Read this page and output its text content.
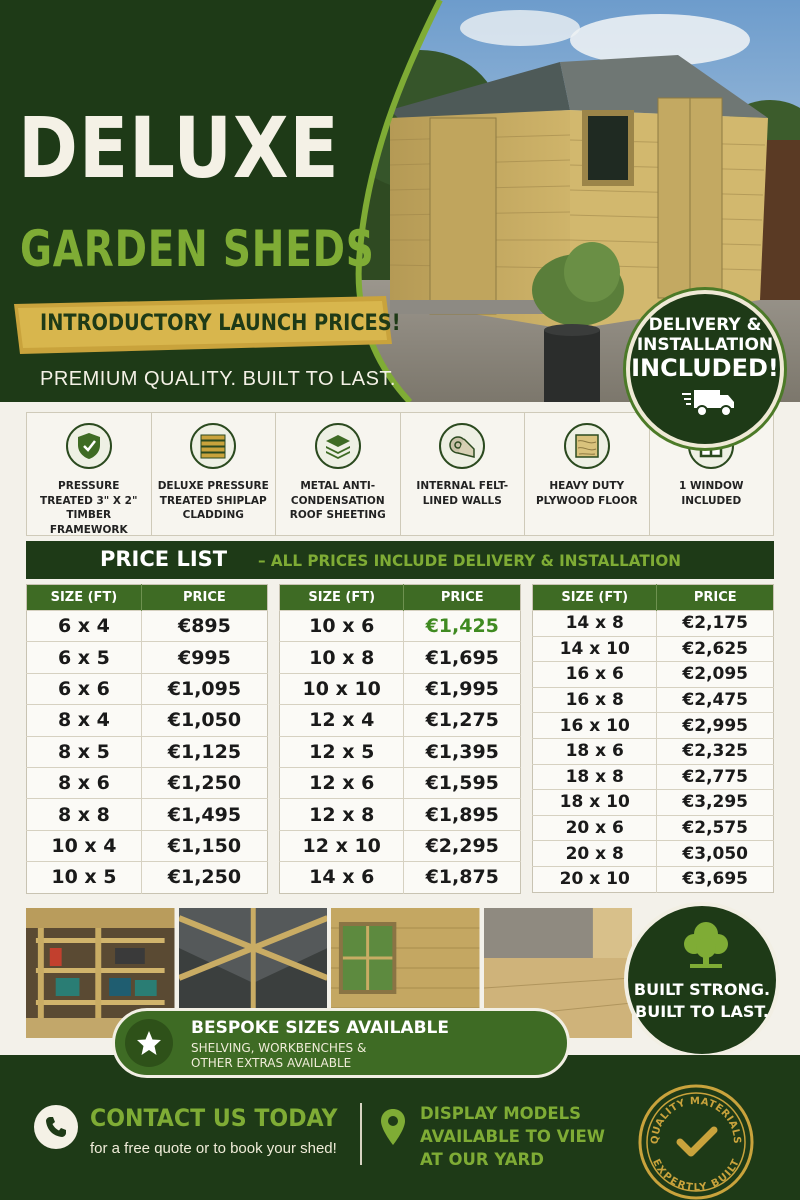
DELUXE
GARDEN SHEDS
INTRODUCTORY LAUNCH PRICES!
PREMIUM QUALITY. BUILT TO LAST.
DELIVERY &
INSTALLATION
INCLUDED!
PRESSURE TREATED 3" X 2" TIMBER FRAMEWORK
DELUXE PRESSURE TREATED SHIPLAP CLADDING
METAL ANTI-CONDENSATION ROOF SHEETING
INTERNAL FELT-LINED WALLS
HEAVY DUTY PLYWOOD FLOOR
1 WINDOW INCLUDED
PRICE LIST – ALL PRICES INCLUDE DELIVERY & INSTALLATION
SIZE (FT)	PRICE
6 x 4	€895
6 x 5	€995
6 x 6	€1,095
8 x 4	€1,050
8 x 5	€1,125
8 x 6	€1,250
8 x 8	€1,495
10 x 4	€1,150
10 x 5	€1,250
SIZE (FT)	PRICE
10 x 6	€1,425
10 x 8	€1,695
10 x 10	€1,995
12 x 4	€1,275
12 x 5	€1,395
12 x 6	€1,595
12 x 8	€1,895
12 x 10	€2,295
14 x 6	€1,875
SIZE (FT)	PRICE
14 x 8	€2,175
14 x 10	€2,625
16 x 6	€2,095
16 x 8	€2,475
16 x 10	€2,995
18 x 6	€2,325
18 x 8	€2,775
18 x 10	€3,295
20 x 6	€2,575
20 x 8	€3,050
20 x 10	€3,695
BUILT STRONG.
BUILT TO LAST.
BESPOKE SIZES AVAILABLE
SHELVING, WORKBENCHES & OTHER EXTRAS AVAILABLE
CONTACT US TODAY
for a free quote or to book your shed!
DISPLAY MODELS
AVAILABLE TO VIEW
AT OUR YARD
QUALITY MATERIALS
EXPERTLY BUILT
